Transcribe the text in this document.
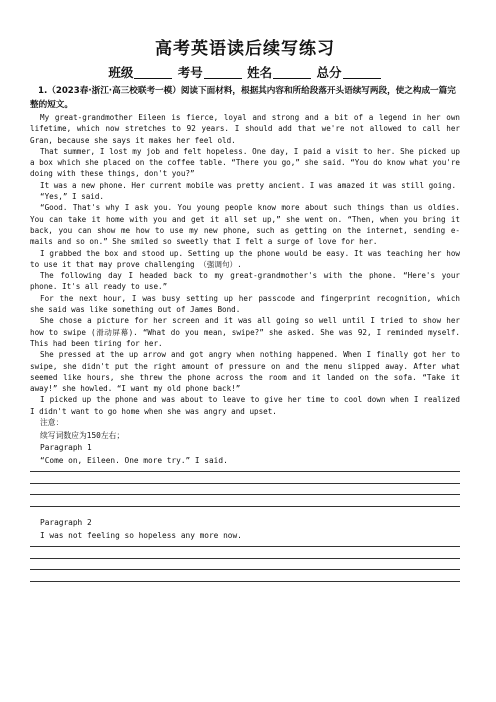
高考英语读后续写练习
班级	考号	姓名	总分
1.（2023春·浙江·高三校联考一模）阅读下面材料，根据其内容和所给段落开头语续写两段，使之构成一篇完整的短文。

My great-grandmother Eileen is fierce, loyal and strong and a bit of a legend in her own lifetime, which now stretches to 92 years. I should add that we're not allowed to call her Gran, because she says it makes her feel old.

That summer, I lost my job and felt hopeless. One day, I paid a visit to her. She picked up a box which she placed on the coffee table. “There you go,” she said. “You do know what you're doing with these things, don't you?”

It was a new phone. Her current mobile was pretty ancient. I was amazed it was still going.

“Yes,” I said.

“Good. That's why I ask you. You young people know more about such things than us oldies. You can take it home with you and get it all set up,” she went on. “Then, when you bring it back, you can show me how to use my new phone, such as getting on the internet, sending e-mails and so on.” She smiled so sweetly that I felt a surge of love for her.

I grabbed the box and stood up. Setting up the phone would be easy. It was teaching her how to use it that may prove challenging （强调句）.

The following day I headed back to my great-grandmother's with the phone. “Here's your phone. It's all ready to use.”

For the next hour, I was busy setting up her passcode and fingerprint recognition, which she said was like something out of James Bond.

She chose a picture for her screen and it was all going so well until I tried to show her how to swipe (滑动屏幕). “What do you mean, swipe?” she asked. She was 92, I reminded myself. This had been tiring for her.

She pressed at the up arrow and got angry when nothing happened. When I finally got her to swipe, she didn't put the right amount of pressure on and the menu slipped away. After what seemed like hours, she threw the phone across the room and it landed on the sofa. “Take it away!” she howled. “I want my old phone back!”

I picked up the phone and was about to leave to give her time to cool down when I realized I didn't want to go home when she was angry and upset.

注意：
续写词数应为150左右；
Paragraph 1
“Come on, Eileen. One more try.” I said.
Paragraph 2
I was not feeling so hopeless any more now.
